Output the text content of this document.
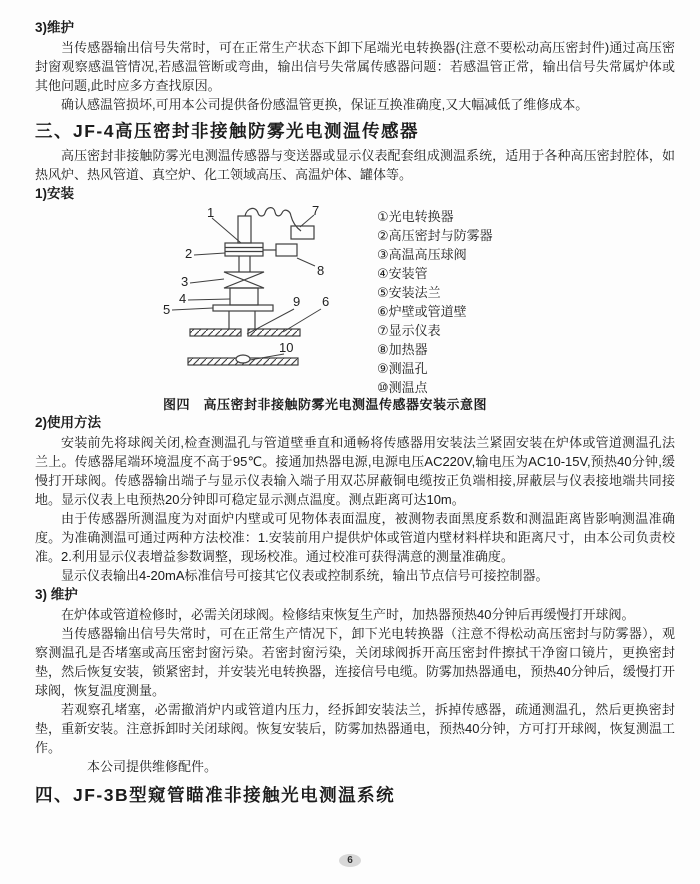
3)维护

当传感器输出信号失常时，可在正常生产状态下卸下尾端光电转换器(注意不要松动高压密封件)通过高压密封窗观察感温管情况,若感温管断或弯曲，输出信号失常属传感器问题：若感温管正常，输出信号失常属炉体或其他问题,此时应多方查找原因。

确认感温管损坏,可用本公司提供备份感温管更换，保证互换准确度,又大幅减低了维修成本。

三、JF-4高压密封非接触防雾光电测温传感器

高压密封非接触防雾光电测温传感器与变送器或显示仪表配套组成测温系统，适用于各种高压密封腔体，如热风炉、热风管道、真空炉、化工领域高压、高温炉体、罐体等。

1)安装

1
2
3
4
5
6
7
8
9
10
①光电转换器
②高压密封与防雾器
③高温高压球阀
④安装管
⑤安装法兰
⑥炉壁或管道壁
⑦显示仪表
⑧加热器
⑨测温孔
⑩测温点
图四　高压密封非接触防雾光电测温传感器安装示意图

2)使用方法

安装前先将球阀关闭,检查测温孔与管道壁垂直和通畅将传感器用安装法兰紧固安装在炉体或管道测温孔法兰上。传感器尾端环境温度不高于95℃。接通加热器电源,电源电压AC220V,输电压为AC10-15V,预热40分钟,缓慢打开球阀。传感器输出端子与显示仪表输入端子用双芯屏蔽铜电缆按正负端相接,屏蔽层与仪表接地端共同接地。显示仪表上电预热20分钟即可稳定显示测点温度。测点距离可达10m。

由于传感器所测温度为对面炉内壁或可见物体表面温度，被测物表面黑度系数和测温距离皆影响测温准确度。为准确测温可通过两种方法校准：1.安装前用户提供炉体或管道内壁材料样块和距离尺寸，由本公司负责校准。2.利用显示仪表增益参数调整，现场校准。通过校准可获得满意的测量准确度。

显示仪表输出4-20mA标准信号可接其它仪表或控制系统，输出节点信号可接控制器。

3) 维护

在炉体或管道检修时，必需关闭球阀。检修结束恢复生产时，加热器预热40分钟后再缓慢打开球阀。

当传感器输出信号失常时，可在正常生产情况下，卸下光电转换器（注意不得松动高压密封与防雾器），观察测温孔是否堵塞或高压密封窗污染。若密封窗污染，关闭球阀拆开高压密封件擦拭干净窗口镜片，更换密封垫，然后恢复安装，锁紧密封，并安装光电转换器，连接信号电缆。防雾加热器通电，预热40分钟后，缓慢打开球阀，恢复温度测量。

若观察孔堵塞，必需撤消炉内或管道内压力，经拆卸安装法兰，拆掉传感器，疏通测温孔，然后更换密封垫，重新安装。注意拆卸时关闭球阀。恢复安装后，防雾加热器通电，预热40分钟，方可打开球阀，恢复测温工作。

本公司提供维修配件。

四、JF-3B型窥管瞄准非接触光电测温系统
6
